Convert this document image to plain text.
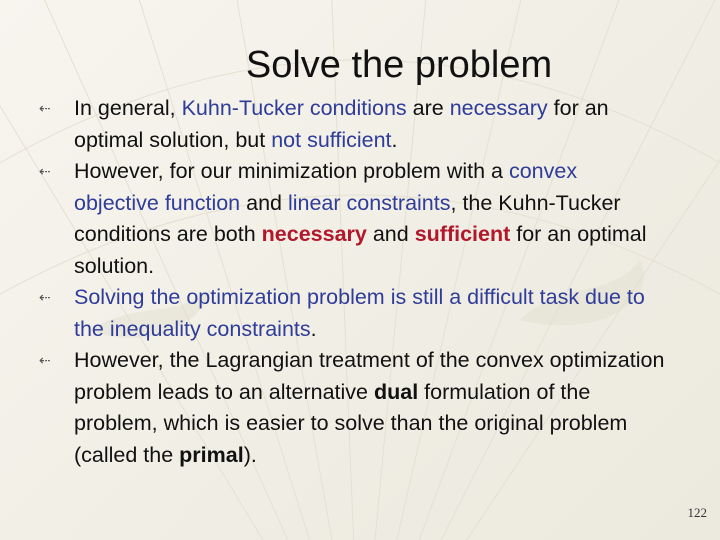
Solve the problem
⇠ In general, Kuhn-Tucker conditions are necessary for an optimal solution, but not sufficient.
⇠ However, for our minimization problem with a convex objective function and linear constraints, the Kuhn-Tucker conditions are both necessary and sufficient for an optimal solution.
⇠ Solving the optimization problem is still a difficult task due to the inequality constraints.
⇠ However, the Lagrangian treatment of the convex optimization problem leads to an alternative dual formulation of the problem, which is easier to solve than the original problem (called the primal).
122
